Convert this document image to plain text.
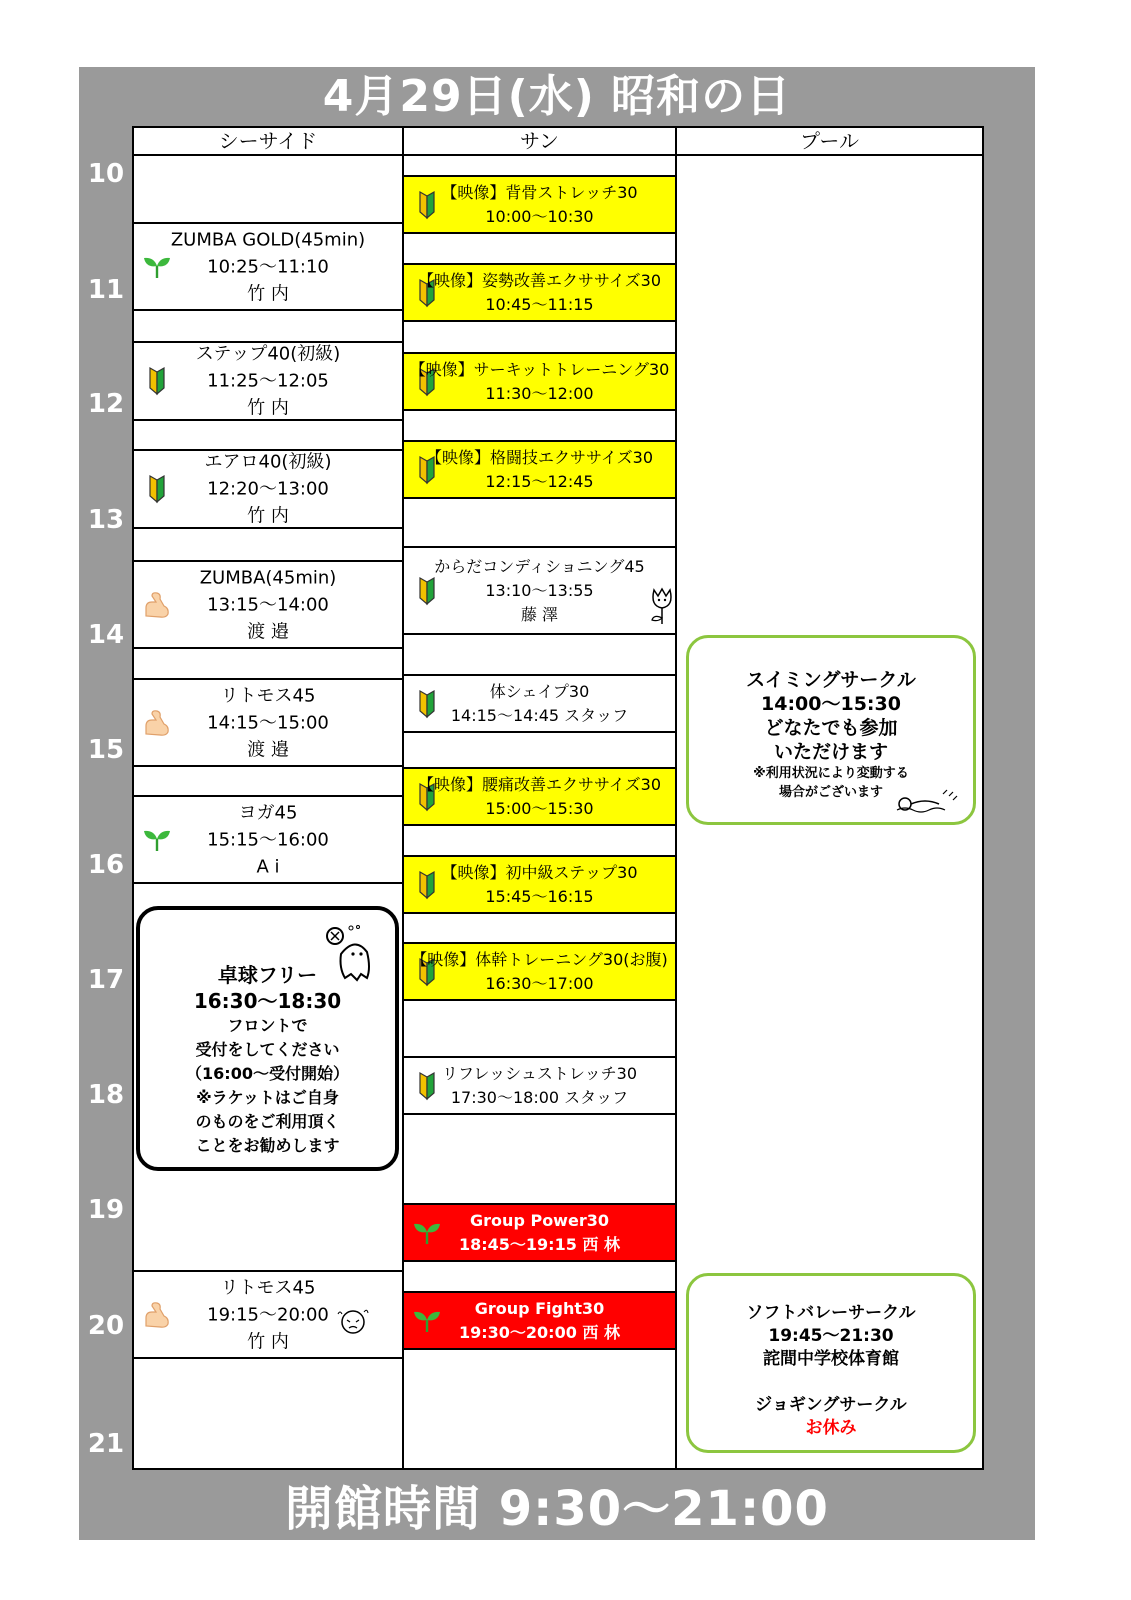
4月29日(水) 昭和の日
開館時間 9:30～21:00
シーサイド	サン	プール
10
11
12
13
14
15
16
17
18
19
20
21
ZUMBA GOLD(45min)
10:25～11:10
竹 内
ステップ40(初級)
11:25～12:05
竹 内
エアロ40(初級)
12:20～13:00
竹 内
ZUMBA(45min)
13:15～14:00
渡 邉
リトモス45
14:15～15:00
渡 邉
ヨガ45
15:15～16:00
A i
リトモス45
19:15～20:00
竹 内
【映像】背骨ストレッチ30
10:00～10:30
【映像】姿勢改善エクササイズ30
10:45～11:15
【映像】サーキットトレーニング30
11:30～12:00
【映像】格闘技エクササイズ30
12:15～12:45
からだコンディショニング45
13:10～13:55
藤 澤
体シェイプ30
14:15～14:45 スタッフ
【映像】腰痛改善エクササイズ30
15:00～15:30
【映像】初中級ステップ30
15:45～16:15
【映像】体幹トレーニング30(お腹)
16:30～17:00
リフレッシュストレッチ30
17:30～18:00 スタッフ
Group Power30
18:45～19:15 西 林
Group Fight30
19:30～20:00 西 林
卓球フリー
16:30～18:30
フロントで
受付をしてください
（16:00～受付開始）
※ラケットはご自身
のものをご利用頂く
ことをお勧めします
スイミングサークル
14:00～15:30
どなたでも参加
いただけます
※利用状況により変動する
場合がございます
ソフトバレーサークル
19:45～21:30
詫間中学校体育館

ジョギングサークル
お休み
